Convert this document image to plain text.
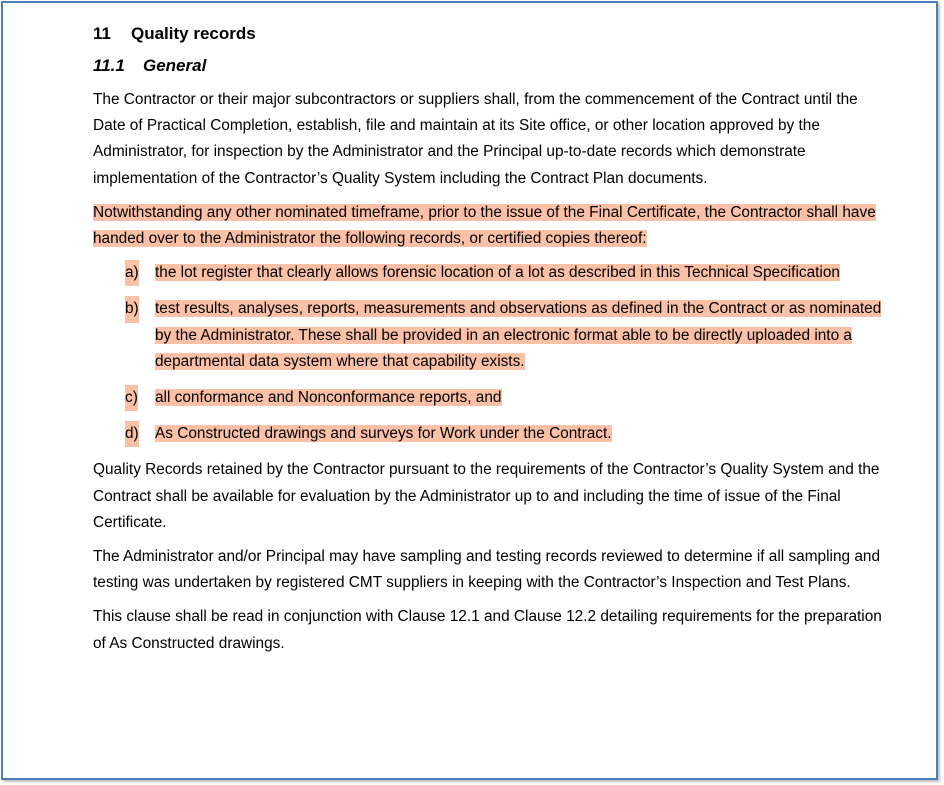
11 Quality records
11.1 General

The Contractor or their major subcontractors or suppliers shall, from the commencement of the Contract until the Date of Practical Completion, establish, file and maintain at its Site office, or other location approved by the Administrator, for inspection by the Administrator and the Principal up-to-date records which demonstrate implementation of the Contractor’s Quality System including the Contract Plan documents.

Notwithstanding any other nominated timeframe, prior to the issue of the Final Certificate, the Contractor shall have handed over to the Administrator the following records, or certified copies thereof:

a) the lot register that clearly allows forensic location of a lot as described in this Technical Specification
b) test results, analyses, reports, measurements and observations as defined in the Contract or as nominated by the Administrator. These shall be provided in an electronic format able to be directly uploaded into a departmental data system where that capability exists.
c) all conformance and Nonconformance reports, and
d) As Constructed drawings and surveys for Work under the Contract.

Quality Records retained by the Contractor pursuant to the requirements of the Contractor’s Quality System and the Contract shall be available for evaluation by the Administrator up to and including the time of issue of the Final Certificate.

The Administrator and/or Principal may have sampling and testing records reviewed to determine if all sampling and testing was undertaken by registered CMT suppliers in keeping with the Contractor’s Inspection and Test Plans.

This clause shall be read in conjunction with Clause 12.1 and Clause 12.2 detailing requirements for the preparation of As Constructed drawings.
